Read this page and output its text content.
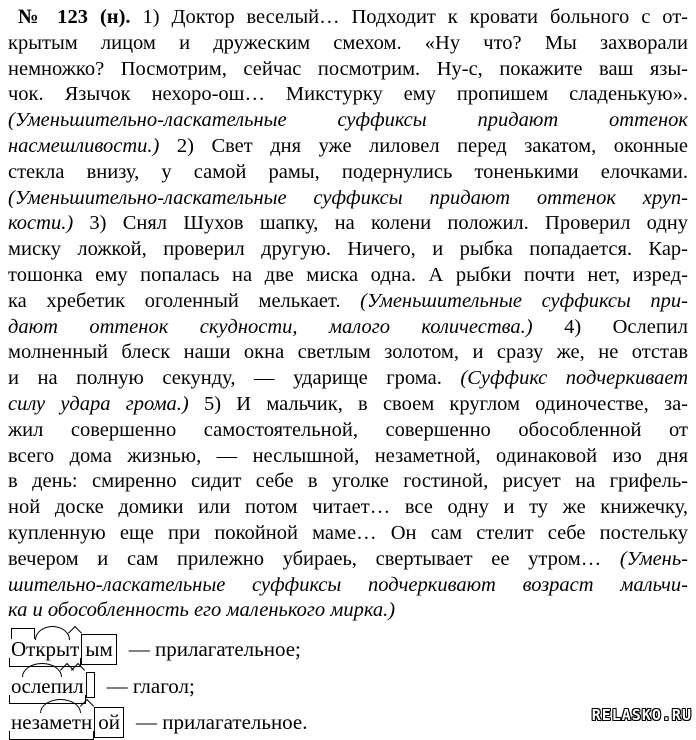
№ 123 (н). 1) Доктор веселый… Подходит к кровати больного с от-
крытым лицом и дружеским смехом. «Ну что? Мы захворали
немножко? Посмотрим, сейчас посмотрим. Ну-с, покажите ваш язы-
чок. Язычок нехоро-ош… Микстурку ему пропишем сладенькую».
(Уменьшительно-ласкательные суффиксы придают оттенок
насмешливости.) 2) Свет дня уже лиловел перед закатом, оконные
стекла внизу, у самой рамы, подернулись тоненькими елочками.
(Уменьшительно-ласкательные суффиксы придают оттенок хруп-
кости.) 3) Снял Шухов шапку, на колени положил. Проверил одну
миску ложкой, проверил другую. Ничего, и рыбка попадается. Кар-
тошонка ему попалась на две миска одна. А рыбки почти нет, изред-
ка хребетик оголенный мелькает. (Уменьшительные суффиксы при-
дают оттенок скудности, малого количества.) 4) Ослепил
молненный блеск наши окна светлым золотом, и сразу же, не отстав
и на полную секунду, — ударище грома. (Суффикс подчеркивает
силу удара грома.) 5) И мальчик, в своем круглом одиночестве, за-
жил совершенно самостоятельной, совершенно обособленной от
всего дома жизнью, — неслышной, незаметной, одинаковой изо дня
в день: смиренно сидит себе в уголке гостиной, рисует на грифель-
ной доске домики или потом читает… все одну и ту же книжечку,
купленную еще при покойной маме… Он сам стелит себе постельку
вечером и сам прилежно убираеь, свертывает ее утром… (Умень-
шительно-ласкательные суффиксы подчеркивают возраст мальчи-
ка и обособленность его маленького мирка.)
Открыт ым — прилагательное;
ослепил — глагол;
незаметн ой — прилагательное.	RELASKO.RU
